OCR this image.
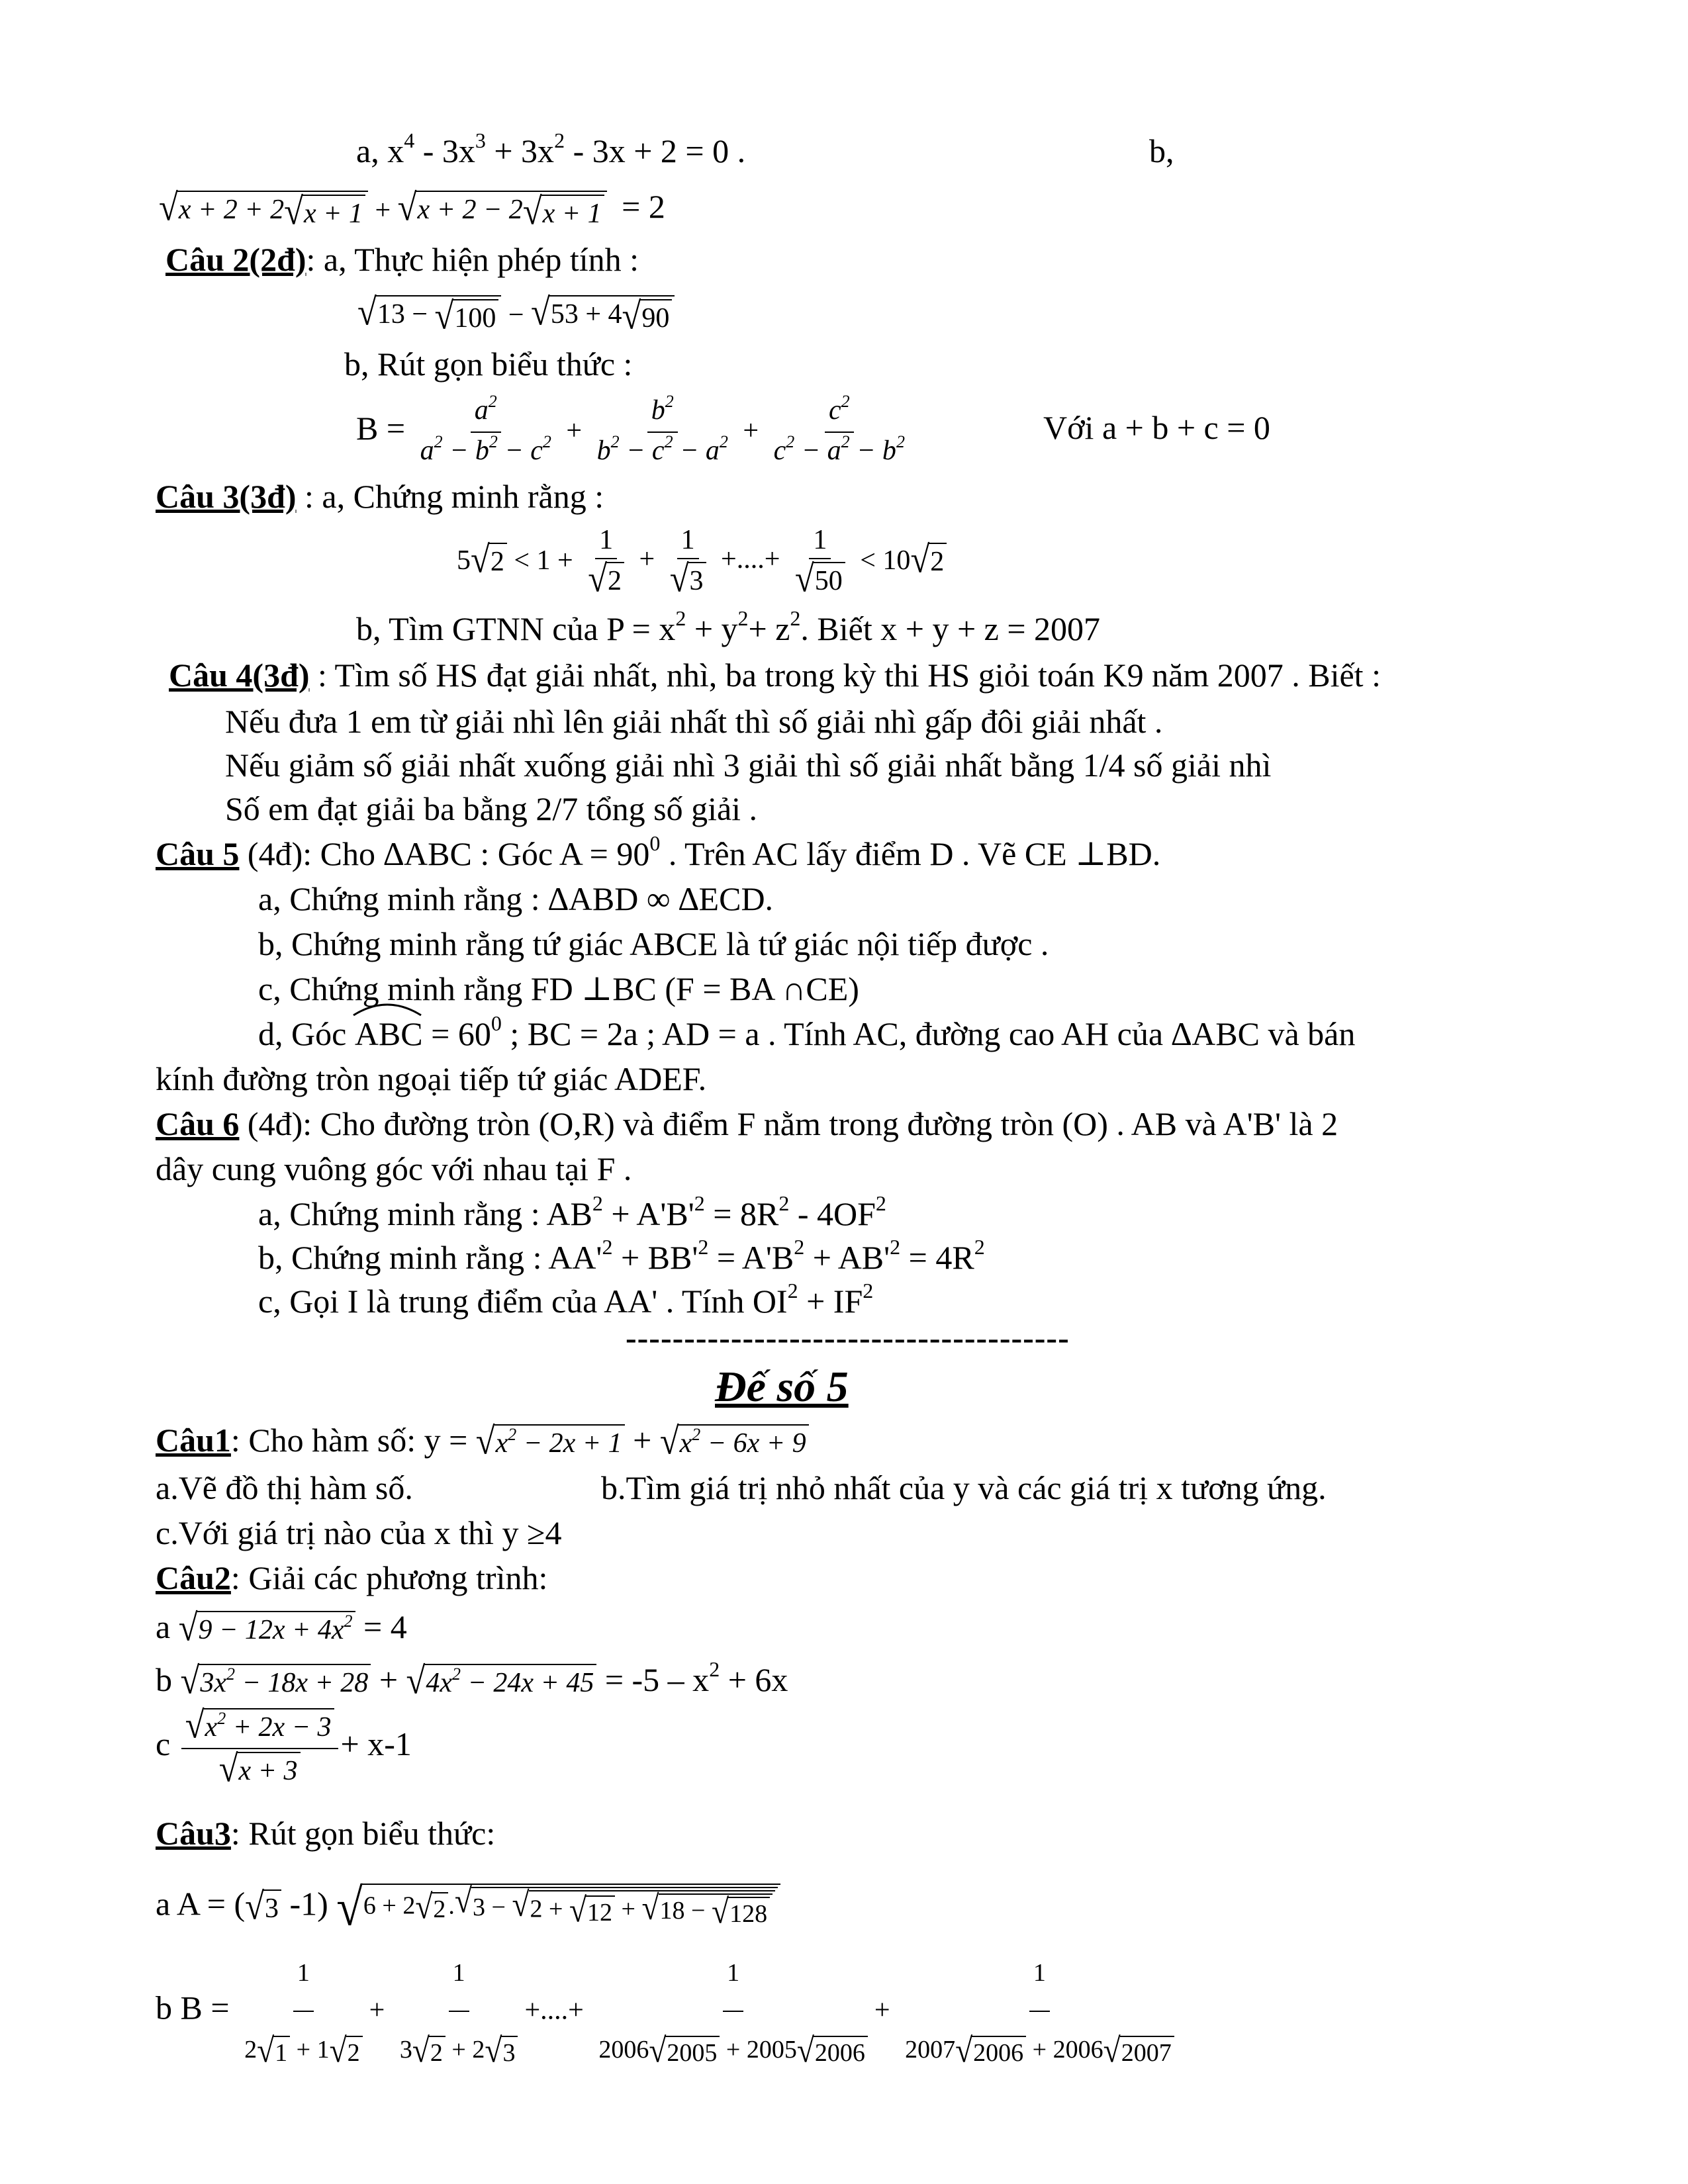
a, $x^4 - 3x^3 + 3x^2 - 3x + 2 = 0$ .	b,
√ x + 2 + 2 √ x + 1 + √ x + 2 − 2 √ x + 1 = 2
Câu 2(2đ): a, Thực hiện phép tính :
√ 13 − √ 100 − √ 53 + 4 √ 90
b, Rút gọn biểu thức :
$B = \frac{a^2}{a^2 - b^2 - c^2} + \frac{b^2}{b^2 - c^2 - a^2} + \frac{c^2}{c^2 - a^2 - b^2}$	Với a + b + c = 0
Câu 3(3đ) : a, Chứng minh rằng :
5 √ $2 < 1 + \frac{1}{√ 2} + \frac{1}{√ 3}$ +....+ $\frac{1}{√ 50} < 10$ √ 2
b, Tìm GTNN của $P = x^2 + y^2+ z^2$. Biết x + y + z = 2007
Câu 4(3đ) : Tìm số HS đạt giải nhất, nhì, ba trong kỳ thi HS giỏi toán K9 năm 2007 . Biết :
Nếu đưa 1 em từ giải nhì lên giải nhất thì số giải nhì gấp đôi giải nhất .
Nếu giảm số giải nhất xuống giải nhì 3 giải thì số giải nhất bằng 1/4 số giải nhì
Số em đạt giải ba bằng 2/7 tổng số giải .
Câu 5 (4đ): Cho ∆ABC : Góc $A = 90^0$ . Trên AC lấy điểm D . Vẽ CE ⊥BD.
a, Chứng minh rằng : ∆ABD ∞ ∆ECD.
b, Chứng minh rằng tứ giác ABCE là tứ giác nội tiếp được .
c, Chứng minh rằng FD ⊥BC (F = BA ∩CE)
d, Góc
ABC = $60^0$ ; BC = 2a ; AD = a . Tính AC, đường cao AH của ∆ABC và bán
kính đường tròn ngoại tiếp tứ giác ADEF.
Câu 6 (4đ): Cho đường tròn (O,R) và điểm F nằm trong đường tròn (O) . AB và A'B' là 2
dây cung vuông góc với nhau tại F .
a, Chứng minh rằng : $AB^2 + A'B'^2 = 8R^2 - 4OF^2$
b, Chứng minh rằng : $AA'^2 + BB'^2 = A'B^2 + AB'^2 = 4R^2$
c, Gọi I là trung điểm của AA' . Tính $OI^2 + IF^2$
--------------------------------------
Đế số 5
Câu1: Cho hàm số: y = √ $x^2 - 2x + 1$ + √ $x^2 - 6x + 9$
a.Vẽ đồ thị hàm số.	b.Tìm giá trị nhỏ nhất của y và các giá trị x tương ứng.
c.Với giá trị nào của x thì y ≥4
Câu2: Giải các phương trình:
a √ $9 - 12x + 4x^2 = 4$
b √ $3x^2 - 18x + 28$ + √ $4x^2 - 24x + 45 = -5 - x^2 + 6x$
c $\frac{√ x^2 + 2x - 3}{√ x + 3} + x-1$
Câu3: Rút gọn biểu thức:
a A = ( √ 3 -1) √ 6 + 2 √ 2 . √ 3 − √ 2 + √ 12 + √ 18 − √ 128
b $B = \frac{1}{2 √ 1 + 1 √ 2} + \frac{1}{3 √ 2 + 2 √ 3}$ +....+ $\frac{1}{2006 √ 2005 + 2005 √ 2006} + \frac{1}{2007 √ 2006 + 2006 √ 2007}$
